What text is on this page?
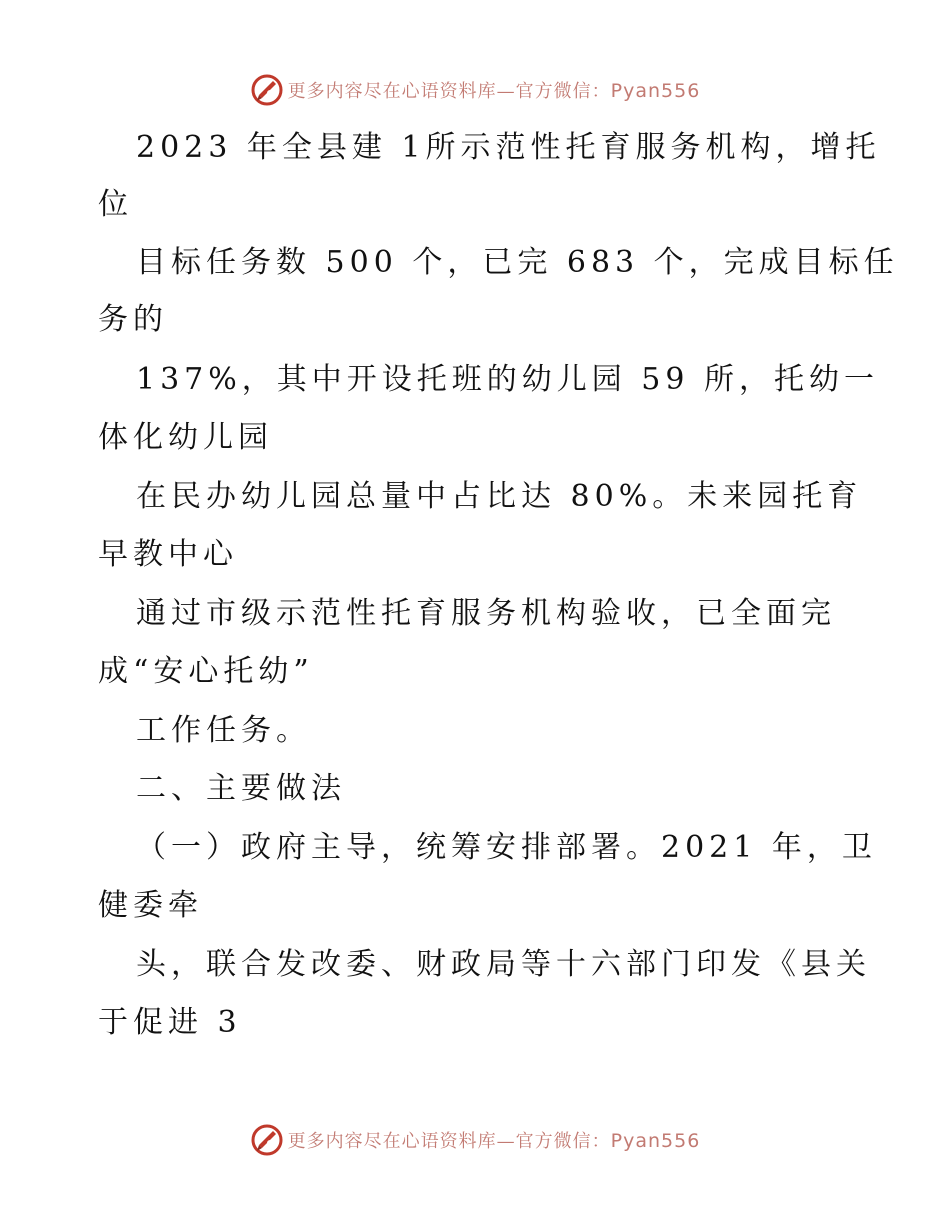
更多内容尽在心语资料库—官方微信：Pyan556
2023 年全县建 1所示范性托育服务机构，增托
位
目标任务数 500 个，已完 683 个，完成目标任
务的
137%，其中开设托班的幼儿园 59 所，托幼一
体化幼儿园
在民办幼儿园总量中占比达 80%。未来园托育
早教中心
通过市级示范性托育服务机构验收，已全面完
成“安心托幼”
工作任务。
二、主要做法
（一）政府主导，统筹安排部署。2021 年，卫
健委牵
头，联合发改委、财政局等十六部门印发《县关
于促进 3
更多内容尽在心语资料库—官方微信：Pyan556
